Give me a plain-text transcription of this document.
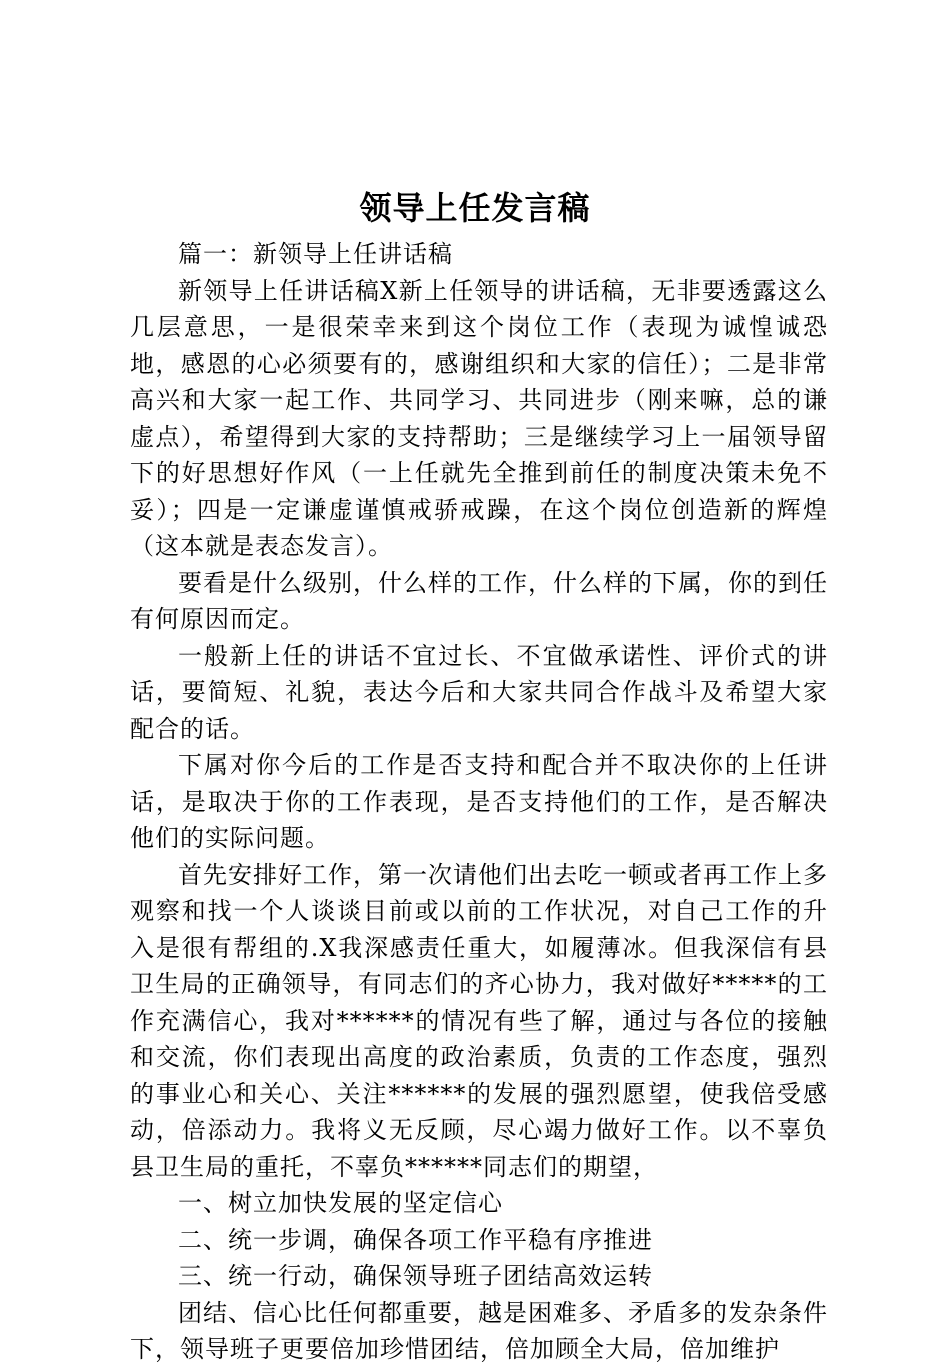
领导上任发言稿

篇一：新领导上任讲话稿

新领导上任讲话稿X新上任领导的讲话稿，无非要透露这么几层意思，一是很荣幸来到这个岗位工作（表现为诚惶诚恐地，感恩的心必须要有的，感谢组织和大家的信任）；二是非常高兴和大家一起工作、共同学习、共同进步（刚来嘛，总的谦虚点），希望得到大家的支持帮助；三是继续学习上一届领导留下的好思想好作风（一上任就先全推到前任的制度决策未免不妥）；四是一定谦虚谨慎戒骄戒躁，在这个岗位创造新的辉煌（这本就是表态发言）。

要看是什么级别，什么样的工作，什么样的下属，你的到任有何原因而定。

一般新上任的讲话不宜过长、不宜做承诺性、评价式的讲话，要简短、礼貌，表达今后和大家共同合作战斗及希望大家配合的话。

下属对你今后的工作是否支持和配合并不取决你的上任讲话，是取决于你的工作表现，是否支持他们的工作，是否解决他们的实际问题。

首先安排好工作，第一次请他们出去吃一顿或者再工作上多观察和找一个人谈谈目前或以前的工作状况，对自己工作的升入是很有帮组的.X我深感责任重大，如履薄冰。但我深信有县卫生局的正确领导，有同志们的齐心协力，我对做好*****的工作充满信心，我对******的情况有些了解，通过与各位的接触和交流，你们表现出高度的政治素质，负责的工作态度，强烈的事业心和关心、关注******的发展的强烈愿望，使我倍受感动，倍添动力。我将义无反顾，尽心竭力做好工作。以不辜负县卫生局的重托，不辜负******同志们的期望，

一、树立加快发展的坚定信心

二、统一步调，确保各项工作平稳有序推进

三、统一行动，确保领导班子团结高效运转

团结、信心比任何都重要，越是困难多、矛盾多的发杂条件下，领导班子更要倍加珍惜团结，倍加顾全大局，倍加维护
